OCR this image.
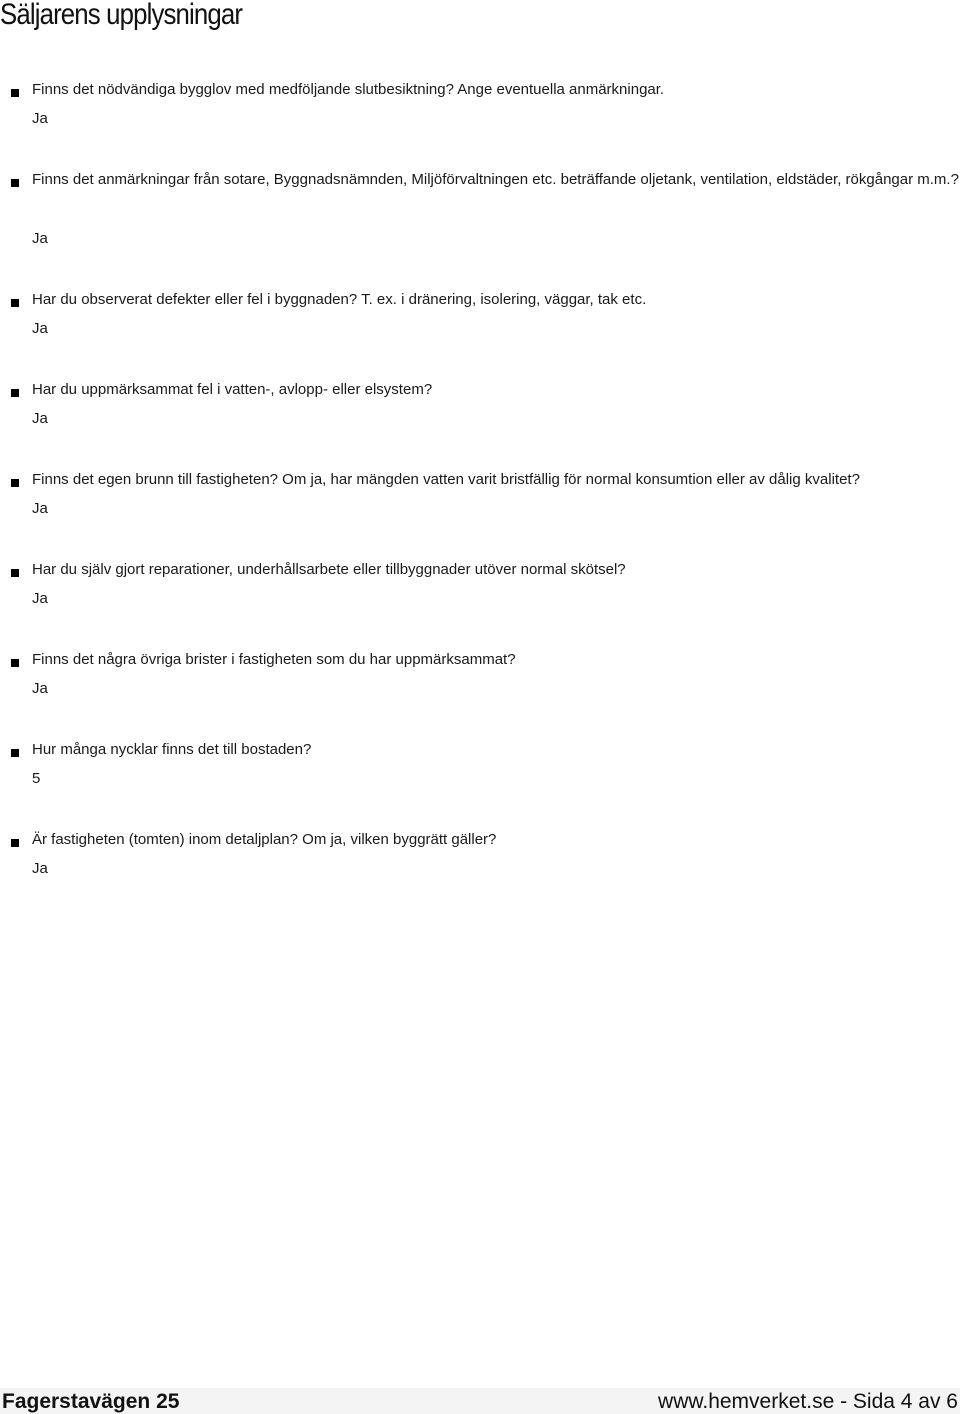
Säljarens upplysningar
Finns det nödvändiga bygglov med medföljande slutbesiktning? Ange eventuella anmärkningar.
Ja
Finns det anmärkningar från sotare, Byggnadsnämnden, Miljöförvaltningen etc. beträffande oljetank, ventilation, eldstäder, rökgångar m.m.?
Ja
Har du observerat defekter eller fel i byggnaden? T. ex. i dränering, isolering, väggar, tak etc.
Ja
Har du uppmärksammat fel i vatten-, avlopp- eller elsystem?
Ja
Finns det egen brunn till fastigheten? Om ja, har mängden vatten varit bristfällig för normal konsumtion eller av dålig kvalitet?
Ja
Har du själv gjort reparationer, underhållsarbete eller tillbyggnader utöver normal skötsel?
Ja
Finns det några övriga brister i fastigheten som du har uppmärksammat?
Ja
Hur många nycklar finns det till bostaden?
5
Är fastigheten (tomten) inom detaljplan? Om ja, vilken byggrätt gäller?
Ja
Fagerstavägen 25	www.hemverket.se - Sida 4 av 6
